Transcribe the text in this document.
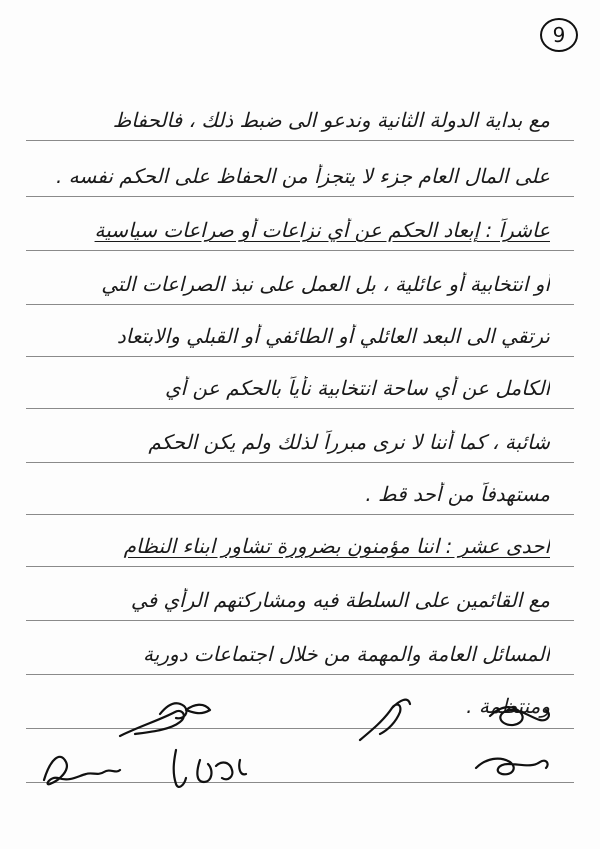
9
مع بداية الدولة الثانية وندعو الى ضبط ذلك ، فالحفاظ
على المال العام جزء لا يتجزأ من الحفاظ على الحكم نفسه .
عاشراً : إبعاد الحكم عن أي نزاعات أو صراعات سياسية
أو انتخابية أو عائلية ، بل العمل على نبذ الصراعات التي
ترتقي الى البعد العائلي أو الطائفي أو القبلي والابتعاد
الكامل عن أي ساحة انتخابية نأياً بالحكم عن أي
شائبة ، كما أننا لا نرى مبرراً لذلك ولم يكن الحكم
مستهدفاً من أحد قط .
احدى عشر : اننا مؤمنون بضرورة تشاور ابناء النظام
مع القائمين على السلطة فيه ومشاركتهم الرأي في
المسائل العامة والمهمة من خلال اجتماعات دورية
ومنتظمة .
